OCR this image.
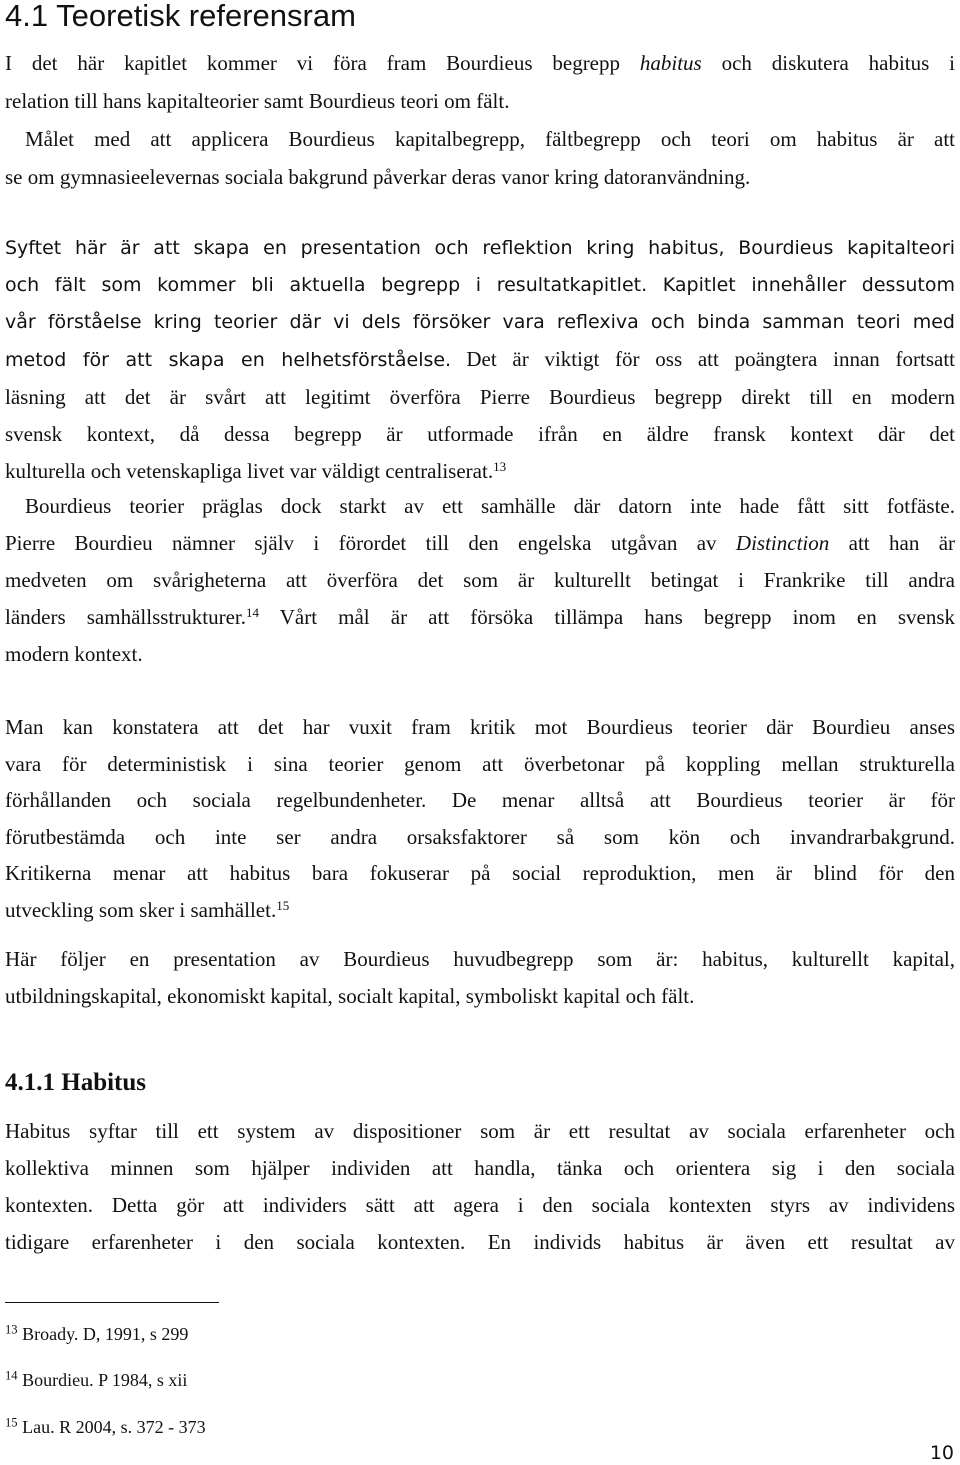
4.1 Teoretisk referensram
I det här kapitlet kommer vi föra fram Bourdieus begrepp habitus och diskutera habitus i
relation till hans kapitalteorier samt Bourdieus teori om fält.
Målet med att applicera Bourdieus kapitalbegrepp, fältbegrepp och teori om habitus är att
se om gymnasieelevernas sociala bakgrund påverkar deras vanor kring datoranvändning.
Syftet här är att skapa en presentation och reflektion kring habitus, Bourdieus kapitalteori
och fält som kommer bli aktuella begrepp i resultatkapitlet. Kapitlet innehåller dessutom
vår förståelse kring teorier där vi dels försöker vara reflexiva och binda samman teori med
metod för att skapa en helhetsförståelse. Det är viktigt för oss att poängtera innan fortsatt
läsning att det är svårt att legitimt överföra Pierre Bourdieus begrepp direkt till en modern
svensk kontext, då dessa begrepp är utformade ifrån en äldre fransk kontext där det
kulturella och vetenskapliga livet var väldigt centraliserat.$^{13}$
Bourdieus teorier präglas dock starkt av ett samhälle där datorn inte hade fått sitt fotfäste.
Pierre Bourdieu nämner själv i förordet till den engelska utgåvan av Distinction att han är
medveten om svårigheterna att överföra det som är kulturellt betingat i Frankrike till andra
länders samhällsstrukturer.$^{14}$ Vårt mål är att försöka tillämpa hans begrepp inom en svensk
modern kontext.
Man kan konstatera att det har vuxit fram kritik mot Bourdieus teorier där Bourdieu anses
vara för deterministisk i sina teorier genom att överbetonar på koppling mellan strukturella
förhållanden och sociala regelbundenheter. De menar alltså att Bourdieus teorier är för
förutbestämda och inte ser andra orsaksfaktorer så som kön och invandrarbakgrund.
Kritikerna menar att habitus bara fokuserar på social reproduktion, men är blind för den
utveckling som sker i samhället.$^{15}$
Här följer en presentation av Bourdieus huvudbegrepp som är: habitus, kulturellt kapital,
utbildningskapital, ekonomiskt kapital, socialt kapital, symboliskt kapital och fält.
4.1.1 Habitus
Habitus syftar till ett system av dispositioner som är ett resultat av sociala erfarenheter och
kollektiva minnen som hjälper individen att handla, tänka och orientera sig i den sociala
kontexten. Detta gör att individers sätt att agera i den sociala kontexten styrs av individens
tidigare erfarenheter i den sociala kontexten. En individs habitus är även ett resultat av
$^{13}$ Broady. D, 1991, s 299
$^{14}$ Bourdieu. P 1984, s xii
$^{15}$ Lau. R 2004, s. 372 - 373
10
